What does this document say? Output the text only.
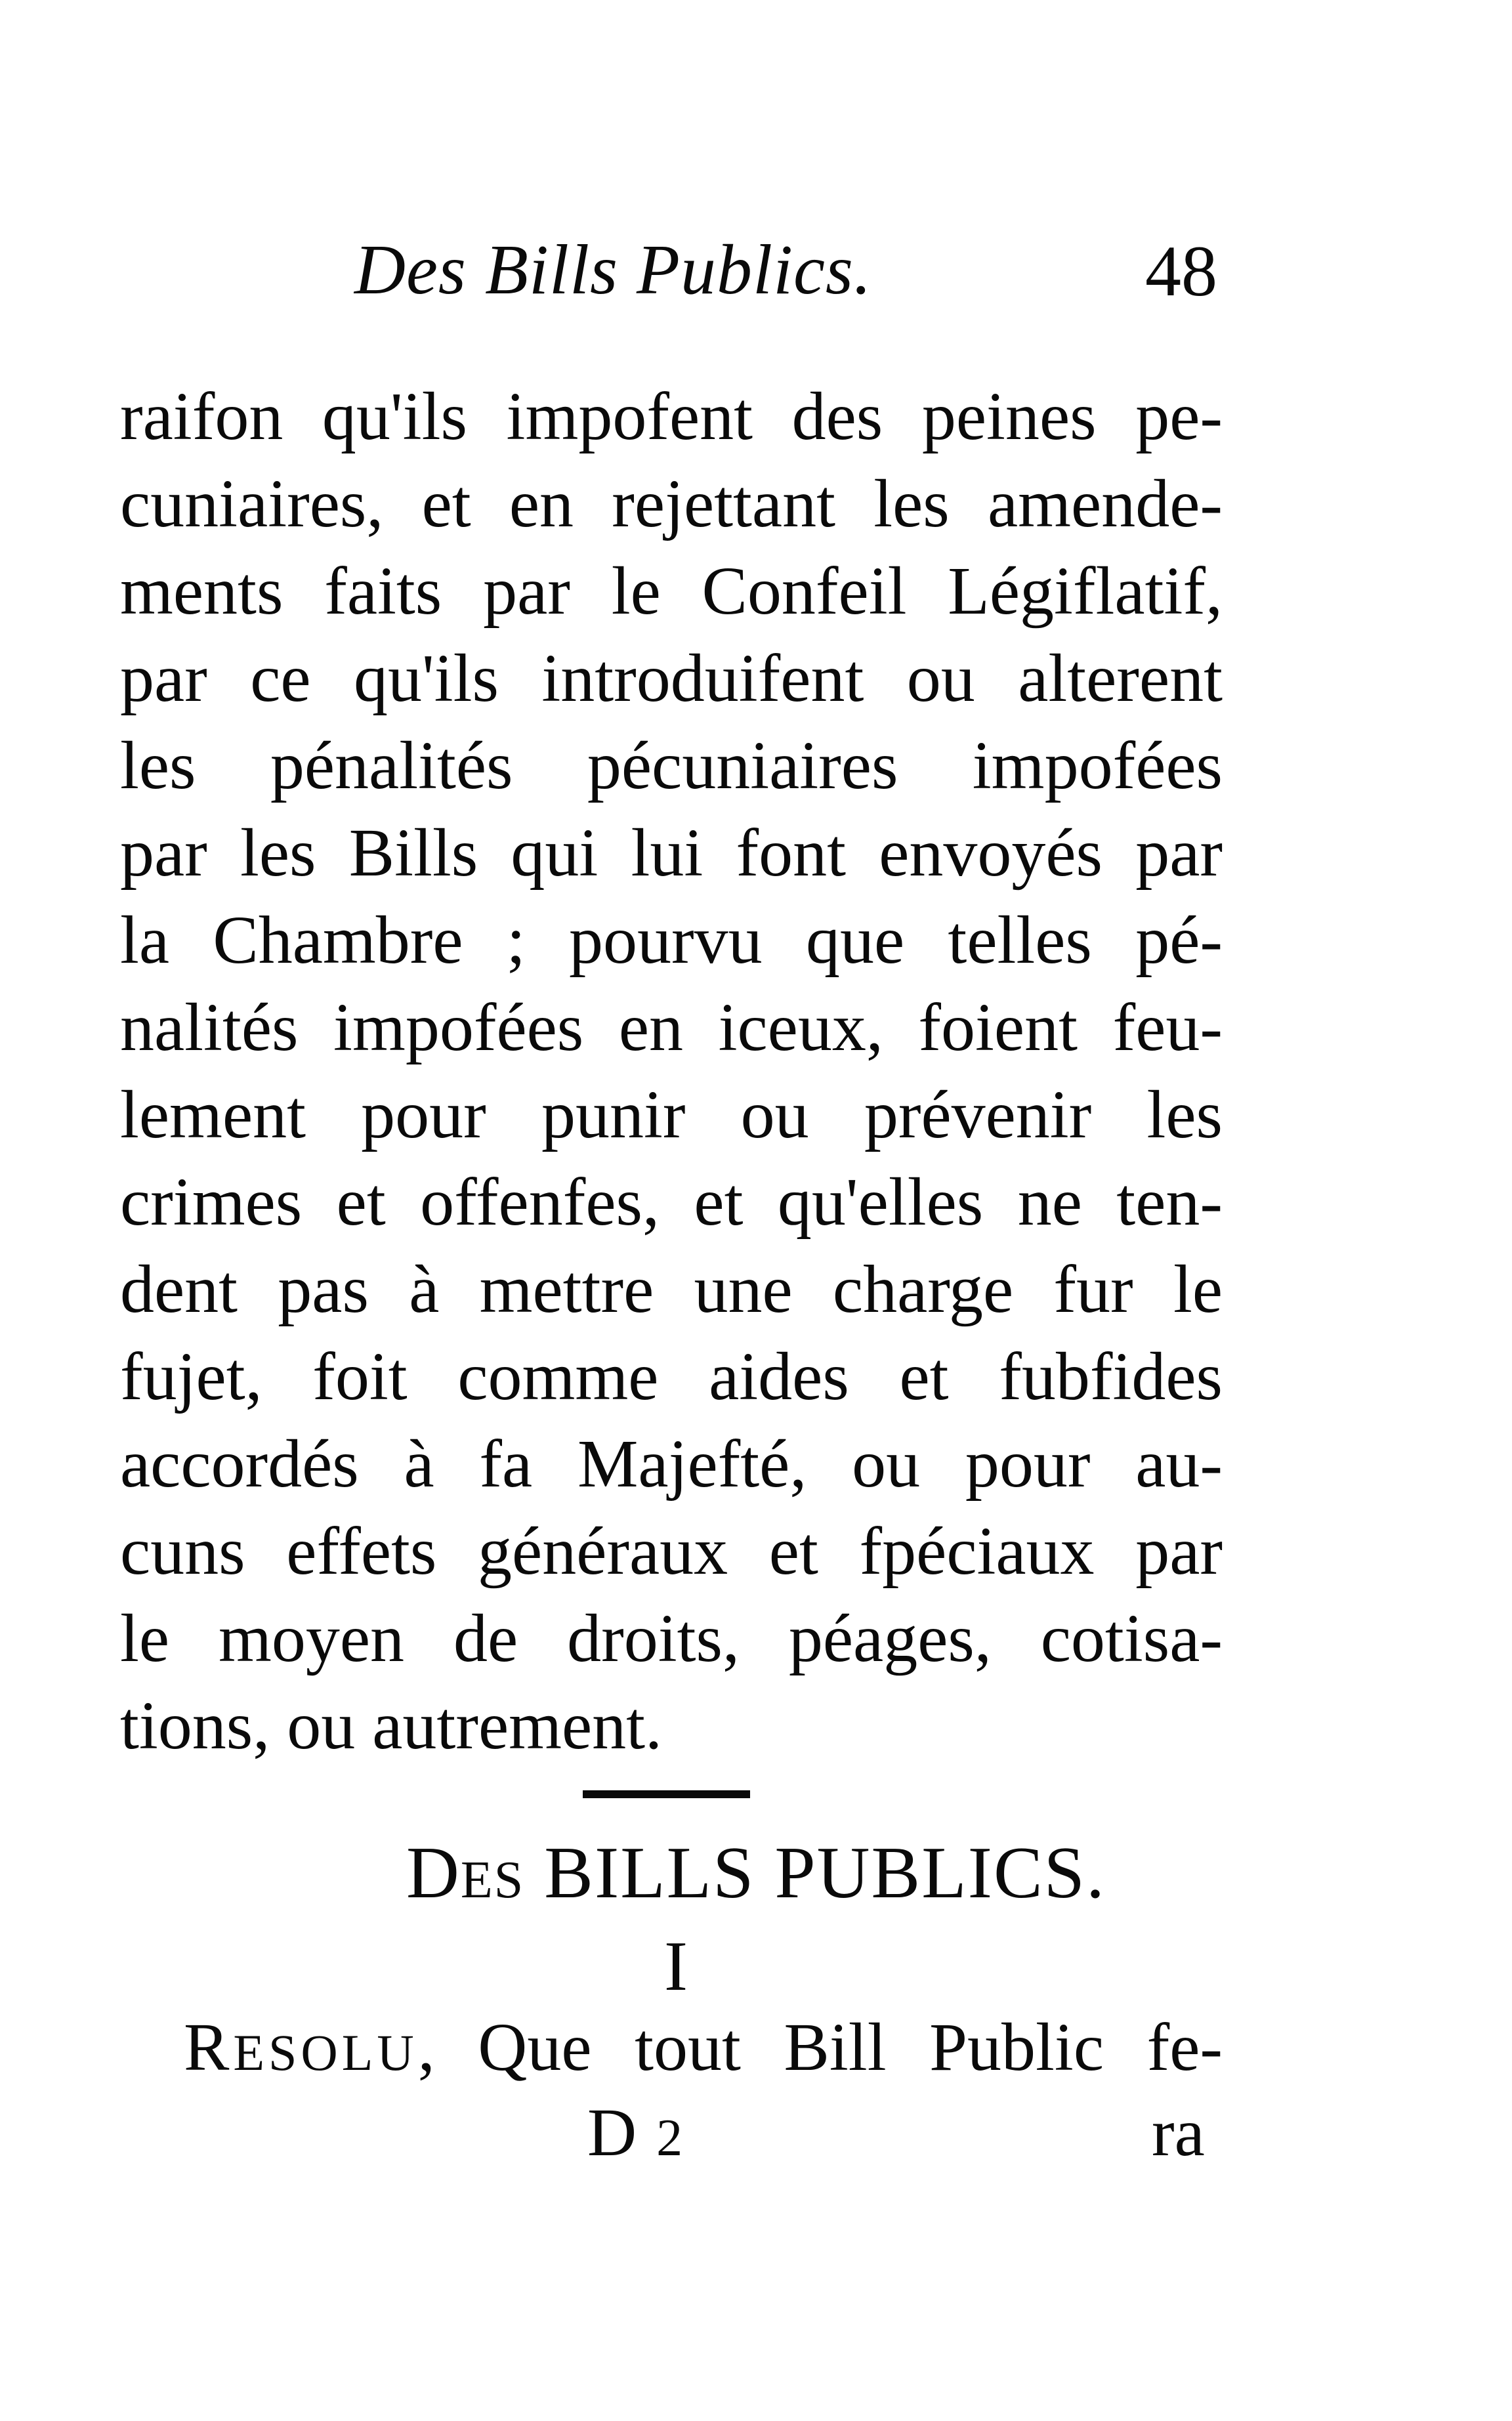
Des Bills Publics.	48
raifon qu'ils impofent des peines pe-
cuniaires, et en rejettant les amende-
ments faits par le Confeil Légiflatif,
par ce qu'ils introduifent ou alterent
les pénalités pécuniaires impofées
par les Bills qui lui font envoyés par
la Chambre ; pourvu que telles pé-
nalités impofées en iceux, foient feu-
lement pour punir ou prévenir les
crimes et offenfes, et qu'elles ne ten-
dent pas à mettre une charge fur le
fujet, foit comme aides et fubfides
accordés à fa Majefté, ou pour au-
cuns effets généraux et fpéciaux par
le moyen de droits, péages, cotisa-
tions, ou autrement.
DES BILLS PUBLICS.
I
RESOLU, Que tout Bill Public fe-
D 2	ra
